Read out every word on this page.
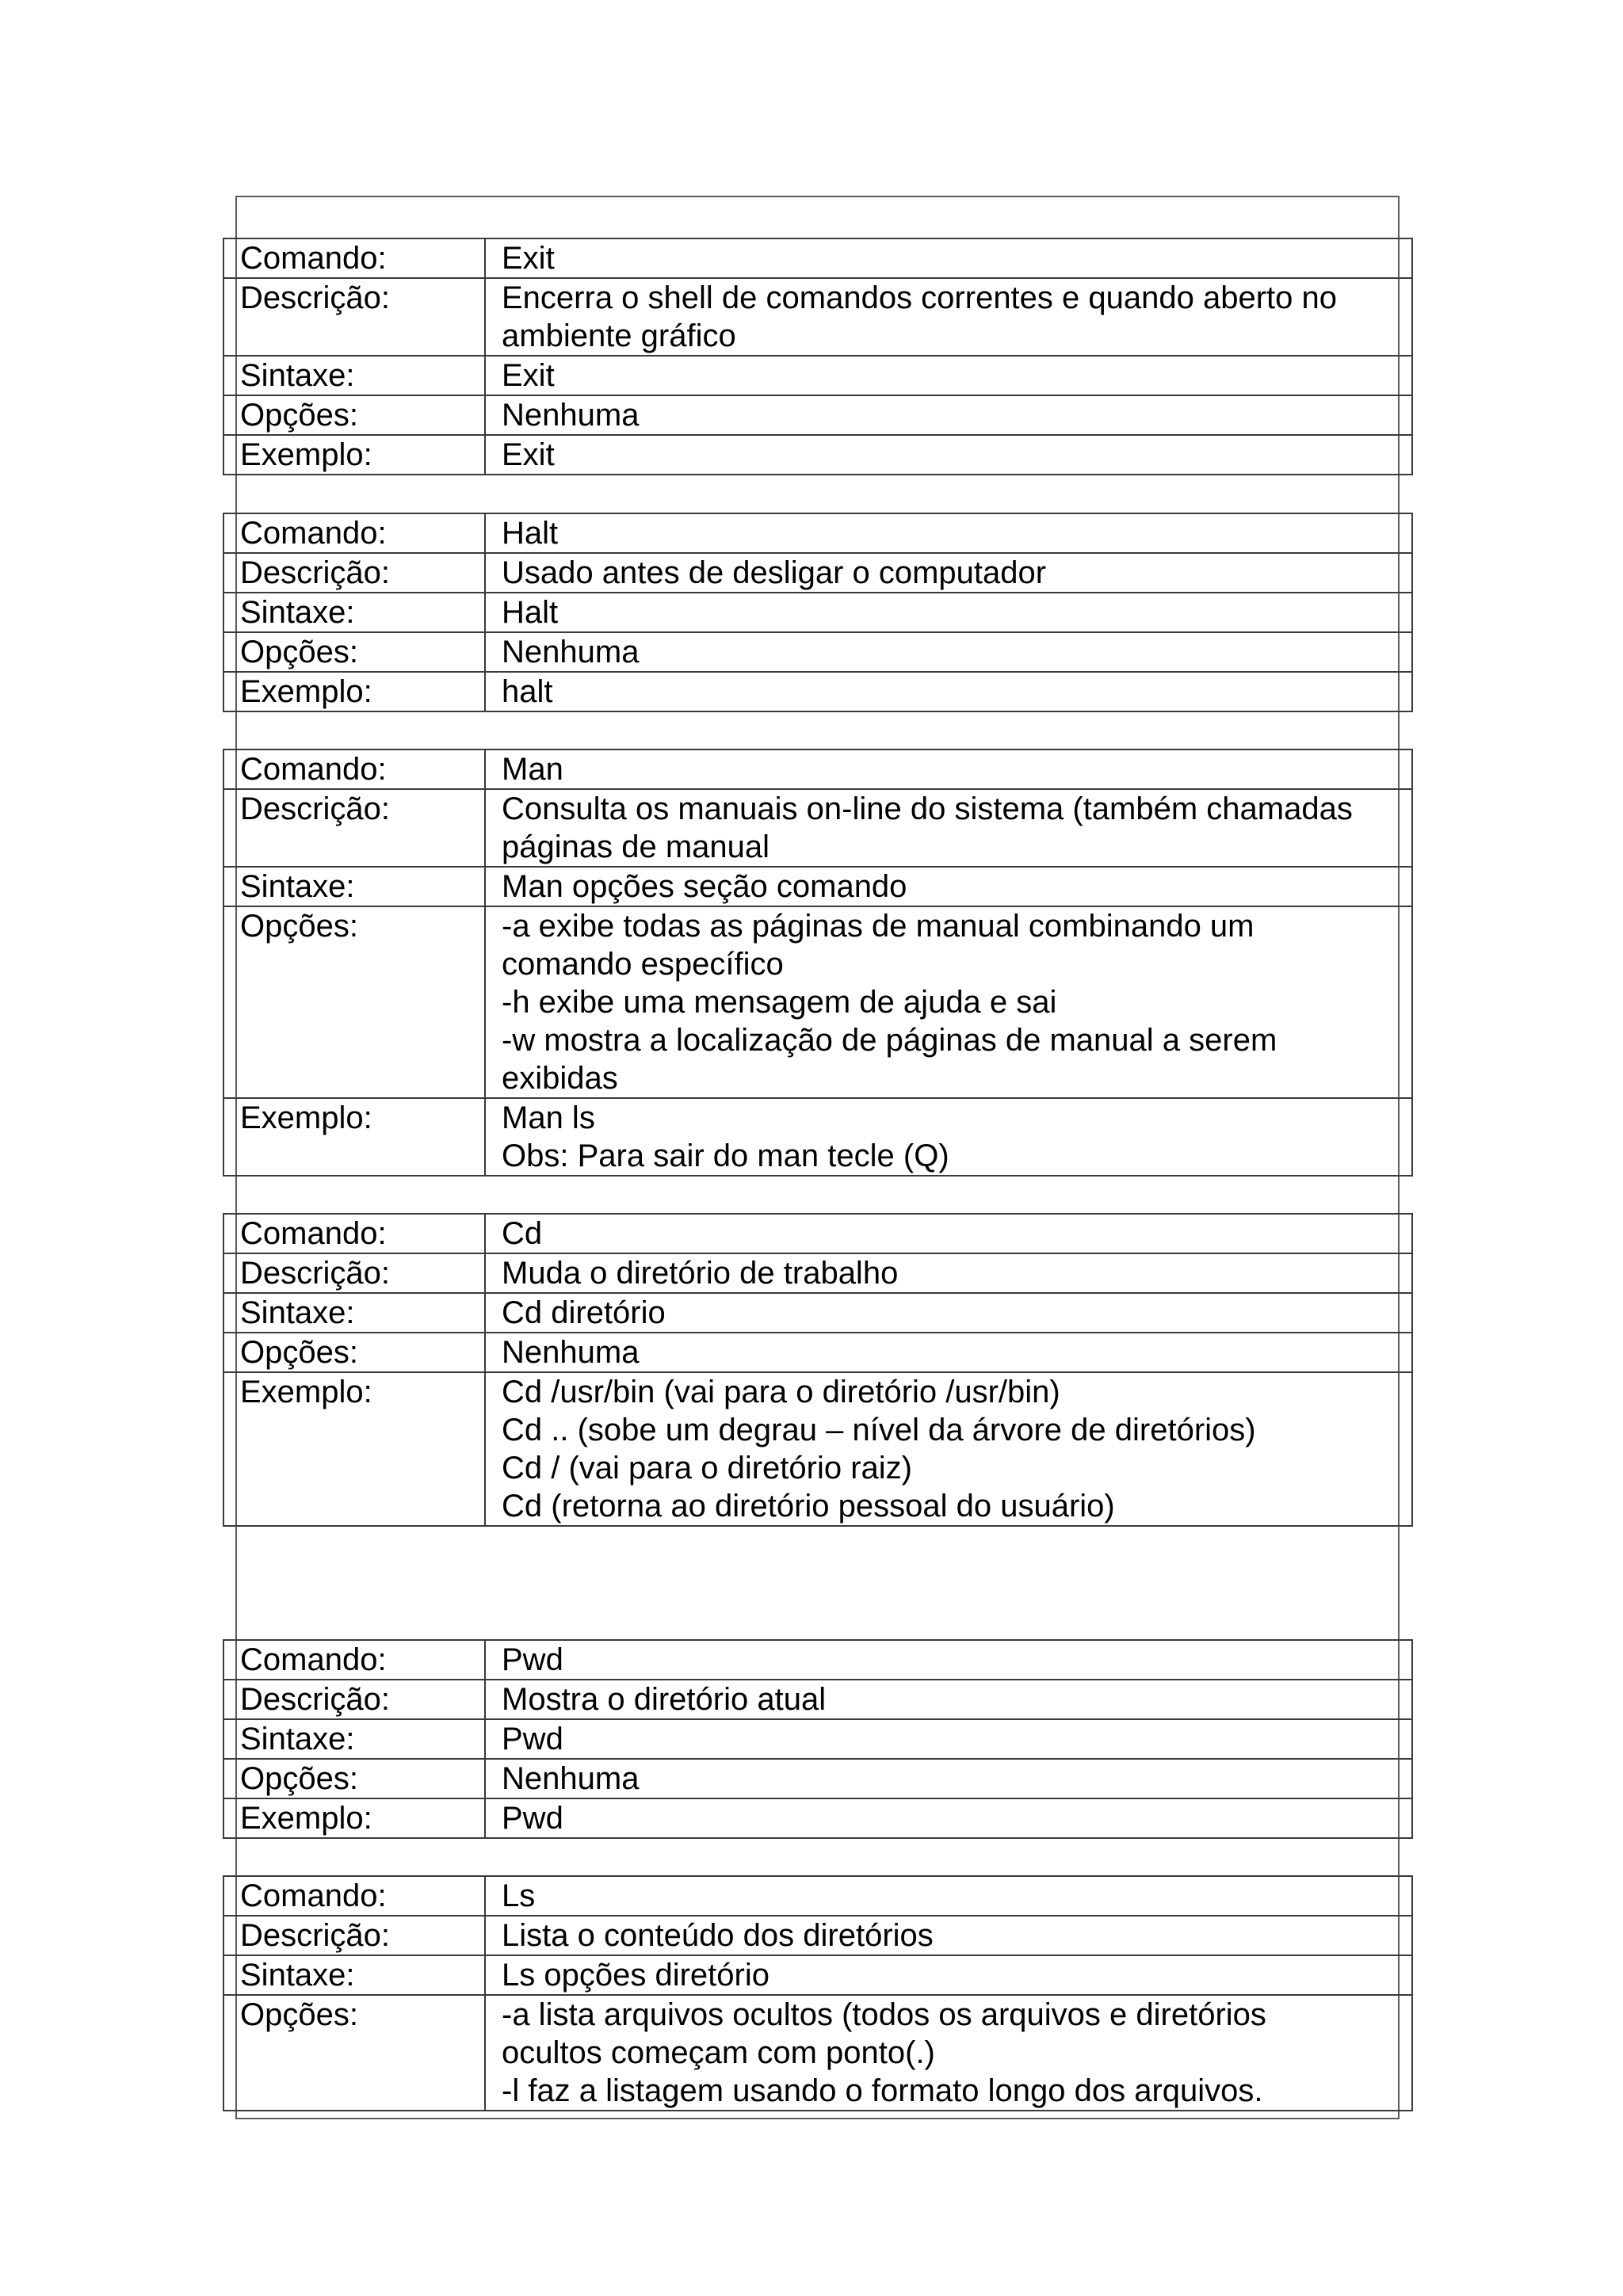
Comando:	Exit
Descrição:	Encerra o shell de comandos correntes e quando aberto no
ambiente gráfico
Sintaxe:	Exit
Opções:	Nenhuma
Exemplo:	Exit
Comando:	Halt
Descrição:	Usado antes de desligar o computador
Sintaxe:	Halt
Opções:	Nenhuma
Exemplo:	halt
Comando:	Man
Descrição:	Consulta os manuais on-line do sistema (também chamadas
páginas de manual
Sintaxe:	Man opções seção comando
Opções:	-a exibe todas as páginas de manual combinando um
comando específico
-h exibe uma mensagem de ajuda e sai
-w mostra a localização de páginas de manual a serem
exibidas
Exemplo:	Man ls
Obs: Para sair do man tecle (Q)
Comando:	Cd
Descrição:	Muda o diretório de trabalho
Sintaxe:	Cd diretório
Opções:	Nenhuma
Exemplo:	Cd /usr/bin (vai para o diretório /usr/bin)
Cd .. (sobe um degrau – nível da árvore de diretórios)
Cd / (vai para o diretório raiz)
Cd (retorna ao diretório pessoal do usuário)
Comando:	Pwd
Descrição:	Mostra o diretório atual
Sintaxe:	Pwd
Opções:	Nenhuma
Exemplo:	Pwd
Comando:	Ls
Descrição:	Lista o conteúdo dos diretórios
Sintaxe:	Ls opções diretório
Opções:	-a lista arquivos ocultos (todos os arquivos e diretórios
ocultos começam com ponto(.)
-l faz a listagem usando o formato longo dos arquivos.
